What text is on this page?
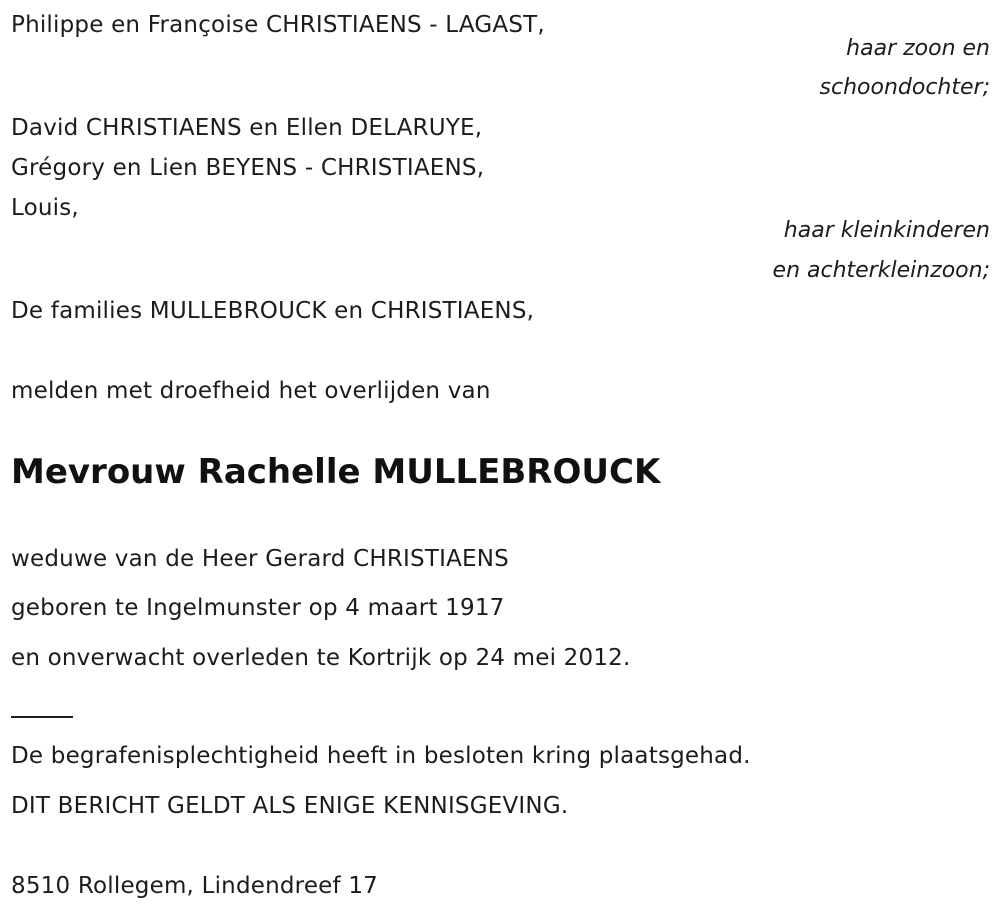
Philippe en Françoise CHRISTIAENS - LAGAST,
haar zoon en
schoondochter;
David CHRISTIAENS en Ellen DELARUYE,
Grégory en Lien BEYENS - CHRISTIAENS,
Louis,
haar kleinkinderen
en achterkleinzoon;
De families MULLEBROUCK en CHRISTIAENS,
melden met droefheid het overlijden van
Mevrouw Rachelle MULLEBROUCK
weduwe van de Heer Gerard CHRISTIAENS
geboren te Ingelmunster op 4 maart 1917
en onverwacht overleden te Kortrijk op 24 mei 2012.
De begrafenisplechtigheid heeft in besloten kring plaatsgehad.
DIT BERICHT GELDT ALS ENIGE KENNISGEVING.
8510 Rollegem, Lindendreef 17
